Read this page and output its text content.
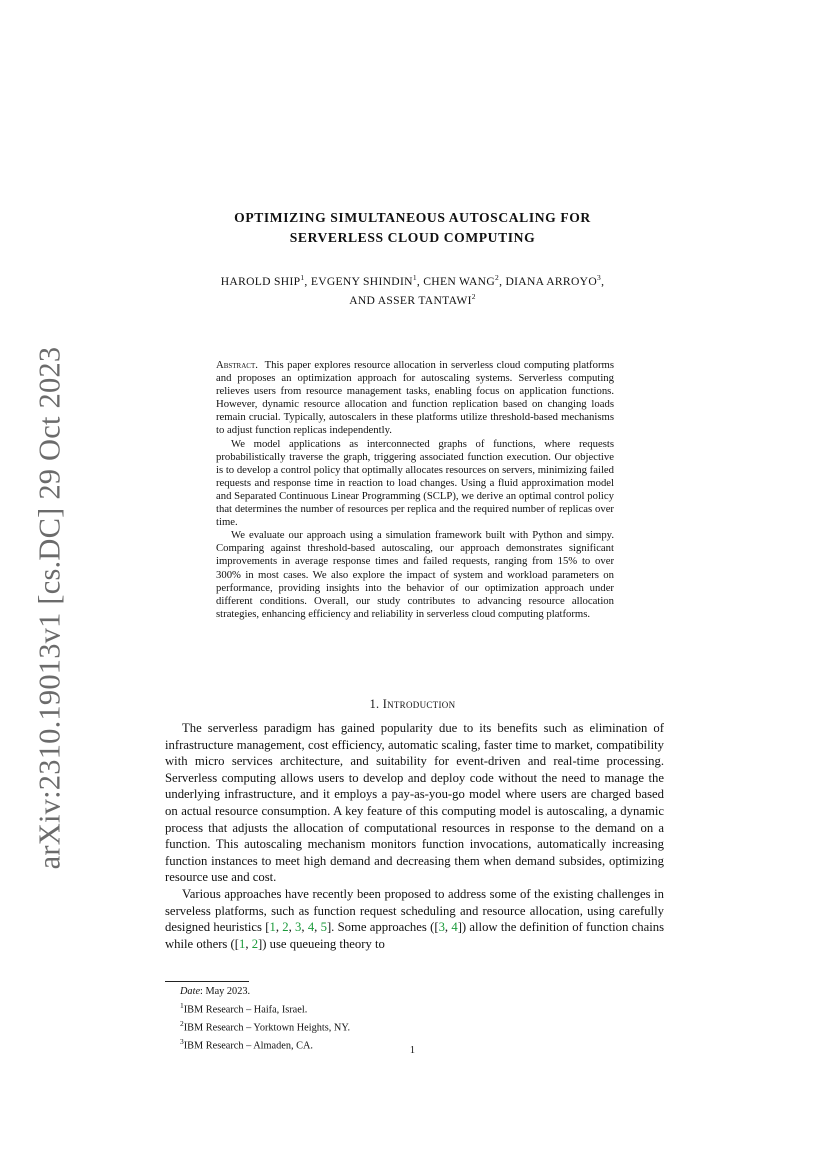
arXiv:2310.19013v1 [cs.DC] 29 Oct 2023
OPTIMIZING SIMULTANEOUS AUTOSCALING FOR
SERVERLESS CLOUD COMPUTING
HAROLD SHIP$^1$, EVGENY SHINDIN$^1$, CHEN WANG$^2$, DIANA ARROYO$^3$,
AND ASSER TANTAWI$^2$

Abstract. This paper explores resource allocation in serverless cloud computing platforms and proposes an optimization approach for autoscaling systems. Serverless computing relieves users from resource management tasks, enabling focus on application functions. However, dynamic resource allocation and function replication based on changing loads remain crucial. Typically, autoscalers in these platforms utilize threshold-based mechanisms to adjust function replicas independently.

We model applications as interconnected graphs of functions, where requests probabilistically traverse the graph, triggering associated function execution. Our objective is to develop a control policy that optimally allocates resources on servers, minimizing failed requests and response time in reaction to load changes. Using a fluid approximation model and Separated Continuous Linear Programming (SCLP), we derive an optimal control policy that determines the number of resources per replica and the required number of replicas over time.

We evaluate our approach using a simulation framework built with Python and simpy. Comparing against threshold-based autoscaling, our approach demonstrates significant improvements in average response times and failed requests, ranging from 15% to over 300% in most cases. We also explore the impact of system and workload parameters on performance, providing insights into the behavior of our optimization approach under different conditions. Overall, our study contributes to advancing resource allocation strategies, enhancing efficiency and reliability in serverless cloud computing platforms.

1. Introduction

The serverless paradigm has gained popularity due to its benefits such as elimination of infrastructure management, cost efficiency, automatic scaling, faster time to market, compatibility with micro services architecture, and suitability for event-driven and real-time processing. Serverless computing allows users to develop and deploy code without the need to manage the underlying infrastructure, and it employs a pay-as-you-go model where users are charged based on actual resource consumption. A key feature of this computing model is autoscaling, a dynamic process that adjusts the allocation of computational resources in response to the demand on a function. This autoscaling mechanism monitors function invocations, automatically increasing function instances to meet high demand and decreasing them when demand subsides, optimizing resource use and cost.

Various approaches have recently been proposed to address some of the existing challenges in serveless platforms, such as function request scheduling and resource allocation, using carefully designed heuristics [1, 2, 3, 4, 5]. Some approaches ([3, 4]) allow the definition of function chains while others ([1, 2]) use queueing theory to

Date: May 2023.
$^1$IBM Research – Haifa, Israel.
$^2$IBM Research – Yorktown Heights, NY.
$^3$IBM Research – Almaden, CA.	1
